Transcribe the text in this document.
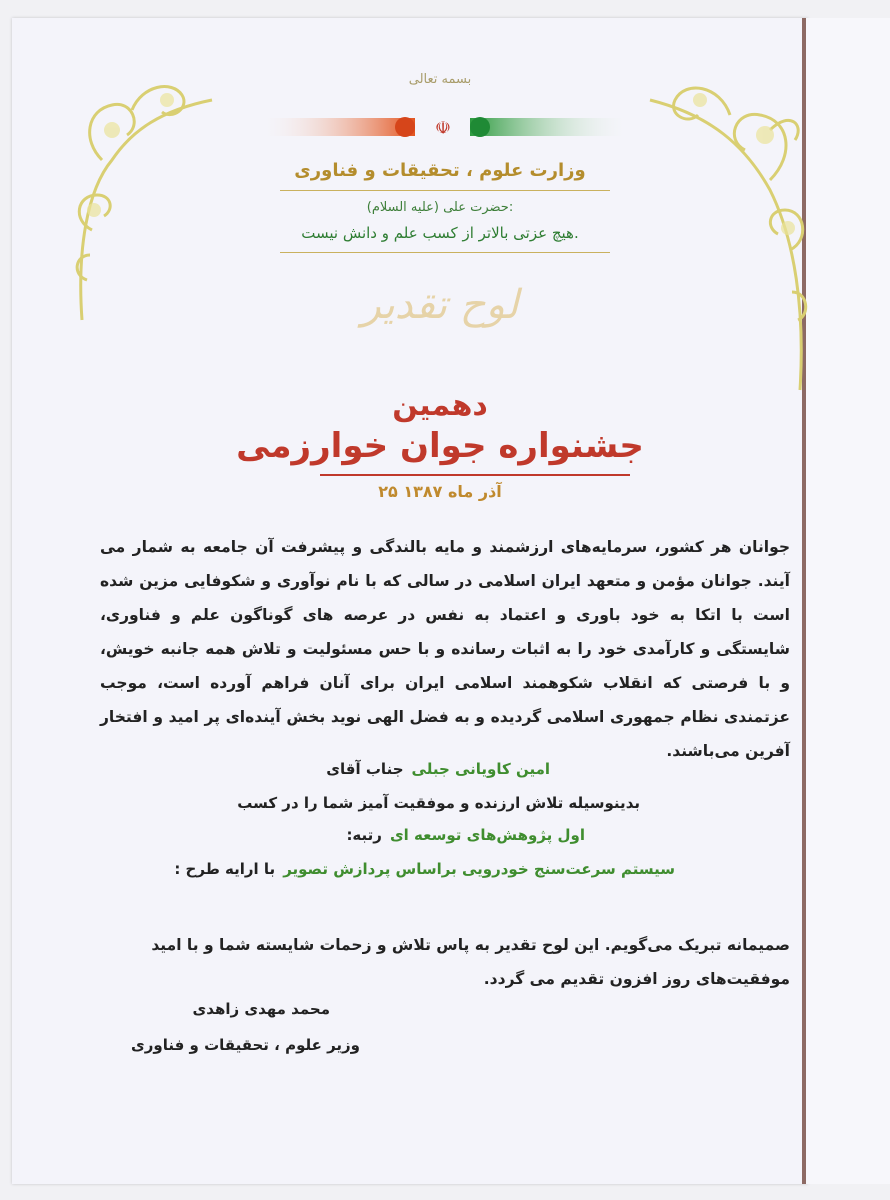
بسمه تعالی
☫
وزارت علوم ، تحقیقات و فناوری
حضرت علی (علیه السلام):
هیچ عزتی بالاتر از کسب علم و دانش نیست.
لوح تقدیر
دهمین
جشنواره جوان خوارزمی
۲۵ آذر ماه ۱۳۸۷
جوانان هر کشور، سرمایه‌های ارزشمند و مایه بالندگی و پیشرفت آن جامعه به شمار می آیند. جوانان مؤمن و متعهد ایران اسلامی در سالی که با نام نوآوری و شکوفایی مزین شده است با اتکا به خود باوری و اعتماد به نفس در عرصه های گوناگون علم و فناوری، شایستگی و کارآمدی خود را به اثبات رسانده و با حس مسئولیت و تلاش همه جانبه خویش، و با فرصتی که انقلاب شکوهمند اسلامی ایران برای آنان فراهم آورده است، موجب عزتمندی نظام جمهوری اسلامی گردیده و به فضل الهی نوید بخش آینده‌ای پر امید و افتخار آفرین می‌باشند.
جناب آقای امین کاویانی جبلی
بدینوسیله تلاش ارزنده و موفقیت آمیز شما را در کسب
رتبه: اول پژوهش‌های توسعه ای
با ارایه طرح : سیستم سرعت‌سنج خودرویی براساس پردازش تصویر
صمیمانه تبریک می‌گویم. این لوح تقدیر به پاس تلاش و زحمات شایسته شما و با امید موفقیت‌های روز افزون تقدیم می گردد.
محمد مهدی زاهدی
وزیر علوم ، تحقیقات و فناوری
